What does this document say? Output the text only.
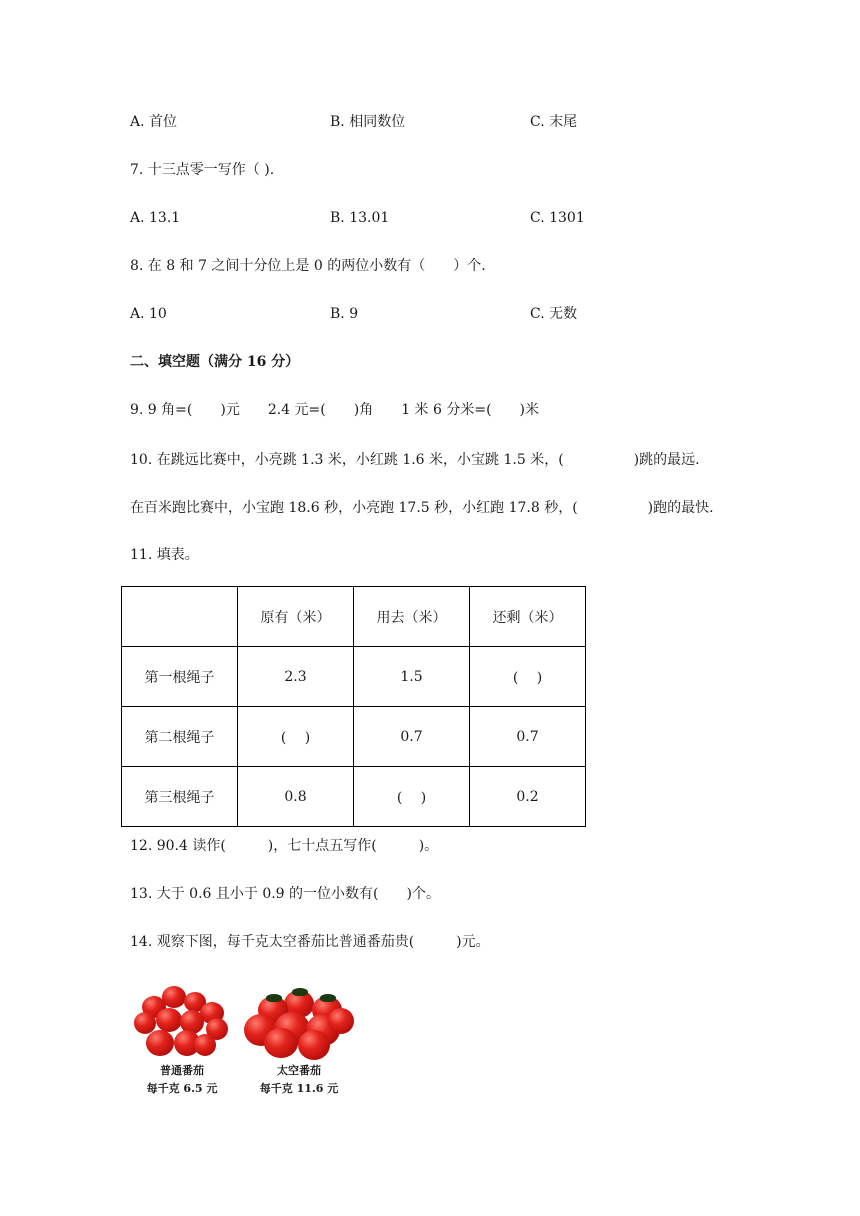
A. 首位	B. 相同数位	C. 末尾
7. 十三点零一写作（ ).
A. 13.1	B. 13.01	C. 1301
8. 在 8 和 7 之间十分位上是 0 的两位小数有（　　）个.
A. 10	B. 9	C. 无数
二、填空题（满分 16 分）
9. 9 角=(　　)元　　2.4 元=(　　)角　　1 米 6 分米=(　　)米
10. 在跳远比赛中，小亮跳 1.3 米，小红跳 1.6 米，小宝跳 1.5 米，(　　　　　)跳的最远.
在百米跑比赛中，小宝跑 18.6 秒，小亮跑 17.5 秒，小红跑 17.8 秒，(　　　　　)跑的最快.
11. 填表。
	原有（米）	用去（米）	还剩（米）
第一根绳子	2.3	1.5	(　 )
第二根绳子	(　 )	0.7	0.7
第三根绳子	0.8	(　 )	0.2
12. 90.4 读作(　　　)，七十点五写作(　　　)。
13. 大于 0.6 且小于 0.9 的一位小数有(　　)个。
14. 观察下图，每千克太空番茄比普通番茄贵(　　　)元。
普通番茄
每千克 6.5 元
太空番茄
每千克 11.6 元
